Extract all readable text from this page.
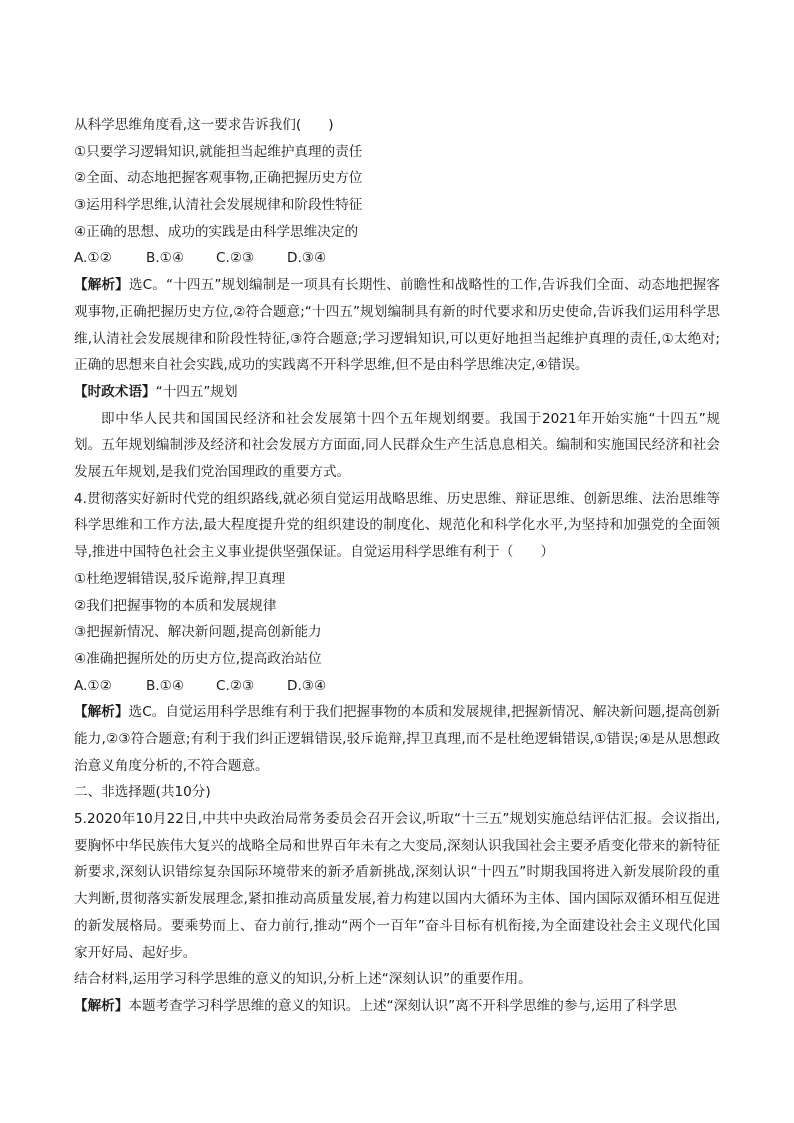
从科学思维角度看,这一要求告诉我们(　　)
①只要学习逻辑知识,就能担当起维护真理的责任
②全面、动态地把握客观事物,正确把握历史方位
③运用科学思维,认清社会发展规律和阶段性特征
④正确的思想、成功的实践是由科学思维决定的
A.①②	B.①④ C.②③ D.③④
【解析】选C。“十四五”规划编制是一项具有长期性、前瞻性和战略性的工作,告诉我们全面、动态地把握客观事物,正确把握历史方位,②符合题意;“十四五”规划编制具有新的时代要求和历史使命,告诉我们运用科学思维,认清社会发展规律和阶段性特征,③符合题意;学习逻辑知识,可以更好地担当起维护真理的责任,①太绝对;正确的思想来自社会实践,成功的实践离不开科学思维,但不是由科学思维决定,④错误。
【时政术语】“十四五”规划
即中华人民共和国国民经济和社会发展第十四个五年规划纲要。我国于2021年开始实施“十四五”规划。五年规划编制涉及经济和社会发展方方面面,同人民群众生产生活息息相关。编制和实施国民经济和社会发展五年规划,是我们党治国理政的重要方式。
4.贯彻落实好新时代党的组织路线,就必须自觉运用战略思维、历史思维、辩证思维、创新思维、法治思维等科学思维和工作方法,最大程度提升党的组织建设的制度化、规范化和科学化水平,为坚持和加强党的全面领导,推进中国特色社会主义事业提供坚强保证。自觉运用科学思维有利于（　　）
①杜绝逻辑错误,驳斥诡辩,捍卫真理
②我们把握事物的本质和发展规律
③把握新情况、解决新问题,提高创新能力
④准确把握所处的历史方位,提高政治站位
A.①②	B.①④ C.②③ D.③④
【解析】选C。自觉运用科学思维有利于我们把握事物的本质和发展规律,把握新情况、解决新问题,提高创新能力,②③符合题意;有利于我们纠正逻辑错误,驳斥诡辩,捍卫真理,而不是杜绝逻辑错误,①错误;④是从思想政治意义角度分析的,不符合题意。
二、非选择题(共10分)
5.2020年10月22日,中共中央政治局常务委员会召开会议,听取“十三五”规划实施总结评估汇报。会议指出,要胸怀中华民族伟大复兴的战略全局和世界百年未有之大变局,深刻认识我国社会主要矛盾变化带来的新特征新要求,深刻认识错综复杂国际环境带来的新矛盾新挑战,深刻认识“十四五”时期我国将进入新发展阶段的重大判断,贯彻落实新发展理念,紧扣推动高质量发展,着力构建以国内大循环为主体、国内国际双循环相互促进的新发展格局。要乘势而上、奋力前行,推动“两个一百年”奋斗目标有机衔接,为全面建设社会主义现代化国家开好局、起好步。
结合材料,运用学习科学思维的意义的知识,分析上述“深刻认识”的重要作用。
【解析】本题考查学习科学思维的意义的知识。上述“深刻认识”离不开科学思维的参与,运用了科学思
